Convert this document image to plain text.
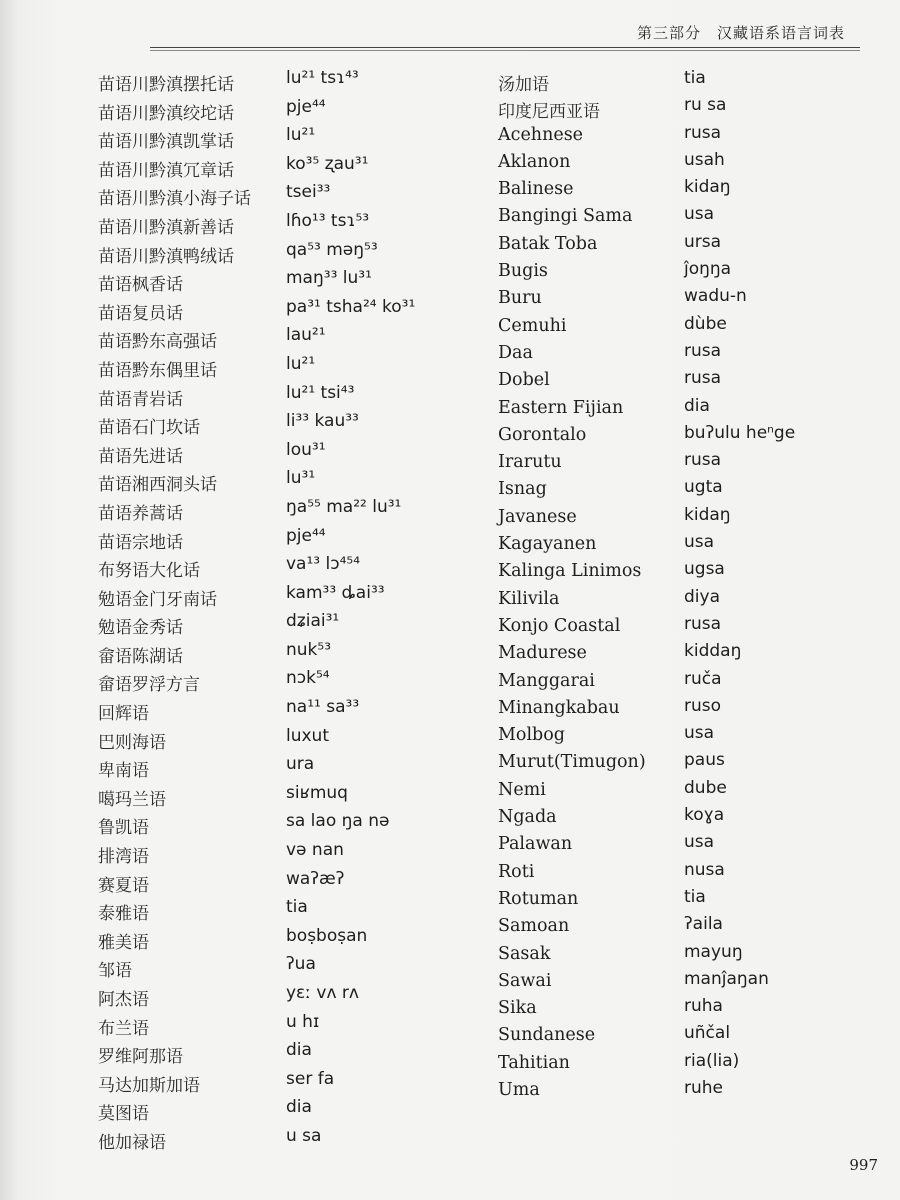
第三部分　汉藏语系语言词表
苗语川黔滇摆托话	lu²¹ tsɿ⁴³
苗语川黔滇绞坨话	pje⁴⁴
苗语川黔滇凯掌话	lu²¹
苗语川黔滇冗章话	ko³⁵ ʐau³¹
苗语川黔滇小海子话 tsei³³
苗语川黔滇新善话	lɦo¹³ tsɿ⁵³
苗语川黔滇鸭绒话	qa⁵³ məŋ⁵³
苗语枫香话	maŋ³³ lu³¹
苗语复员话	pa³¹ tsha²⁴ ko³¹
苗语黔东高强话	lau²¹
苗语黔东偶里话	lu²¹
苗语青岩话	lu²¹ tsi⁴³
苗语石门坎话	li³³ kau³³
苗语先进话	lou³¹
苗语湘西洞头话	lu³¹
苗语养蒿话	ŋa⁵⁵ ma²² lu³¹
苗语宗地话	pje⁴⁴
布努语大化话	va¹³ lɔ⁴⁵⁴
勉语金门牙南话	kam³³ ȡai³³
勉语金秀话	dʑiai³¹
畲语陈湖话	nuk⁵³
畲语罗浮方言	nɔk⁵⁴
回辉语	na¹¹ sa³³
巴则海语	luxut
卑南语	ura
噶玛兰语	siʁmuq
鲁凯语	sa lao ŋa nə
排湾语	və nan
赛夏语	waʔæʔ
泰雅语	tia
雅美语	boṣboṣan
邹语	ʔua
阿杰语	yɛː vʌ rʌ
布兰语	u hɪ
罗维阿那语	dia
马达加斯加语	ser fa
莫图语	dia
他加禄语	u sa
汤加语	tia
印度尼西亚语	ru sa
Acehnese	rusa
Aklanon	usah
Balinese	kidaŋ
Bangingi Sama	usa
Batak Toba	ursa
Bugis	ĵoŋŋa
Buru	wadu-n
Cemuhi	dùbe
Daa	rusa
Dobel	rusa
Eastern Fijian	dia
Gorontalo	buʔulu heⁿge
Irarutu	rusa
Isnag	ugta
Javanese	kidaŋ
Kagayanen	usa
Kalinga Linimos	ugsa
Kilivila	diya
Konjo Coastal	rusa
Madurese	kiddaŋ
Manggarai	ruča
Minangkabau	ruso
Molbog	usa
Murut(Timugon) paus
Nemi	dube
Ngada	koɣa
Palawan	usa
Roti	nusa
Rotuman	tia
Samoan	ʔaila
Sasak	mayuŋ
Sawai	manĵaŋan
Sika	ruha
Sundanese	uñčal
Tahitian	ria(lia)
Uma	ruhe
997
